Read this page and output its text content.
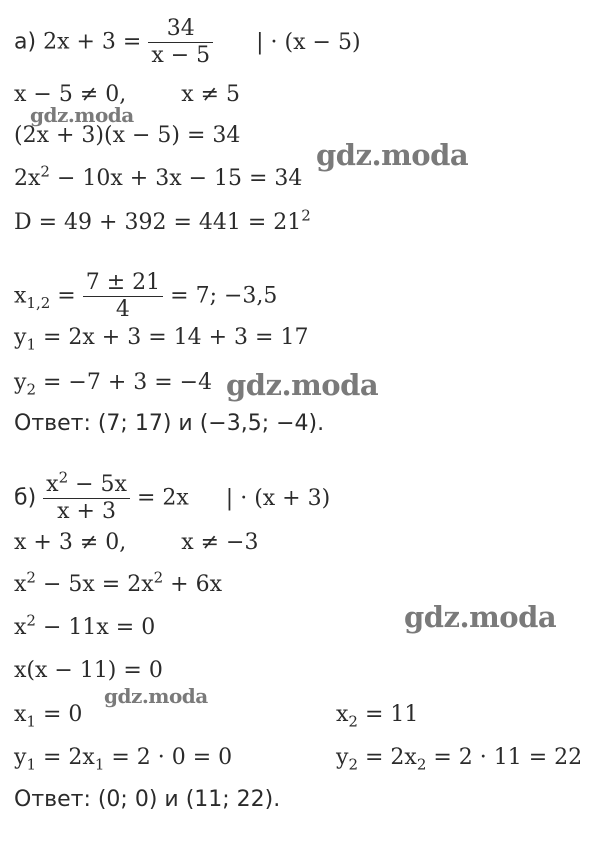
а) $2x + 3 = \frac{34}{x - 5}$ | · (x − 5)
x − 5 ≠ 0,	x ≠ 5
(2x + 3)(x − 5) = 34
$2x^2 - 10x + 3x - 15 = 34$
$D = 49 + 392 = 441 = 21^2$
$x_{1,2} = \frac{7 \pm 21}{4} = 7$; −3,5
$y_1 = 2x + 3 = 14 + 3 = 17$
$y_2 = -7 + 3 = -4$
Ответ: (7; 17) и (−3,5; −4).
$б) \frac{x^2 - 5x}{x + 3} = 2x$ | · (x + 3)
x + 3 ≠ 0,	x ≠ −3
$x^2 - 5x = 2x^2 + 6x$
$x^2 - 11x = 0$
x(x − 11) = 0
$x_1 = 0$	$x_2 = 11$
$y_1 = 2x_1 = 2 \cdot 0 = 0$	$y_2 = 2x_2 = 2 \cdot 11 = 22$
Ответ: (0; 0) и (11; 22).
gdz.moda
gdz.moda
gdz.moda
gdz.moda
gdz.moda
